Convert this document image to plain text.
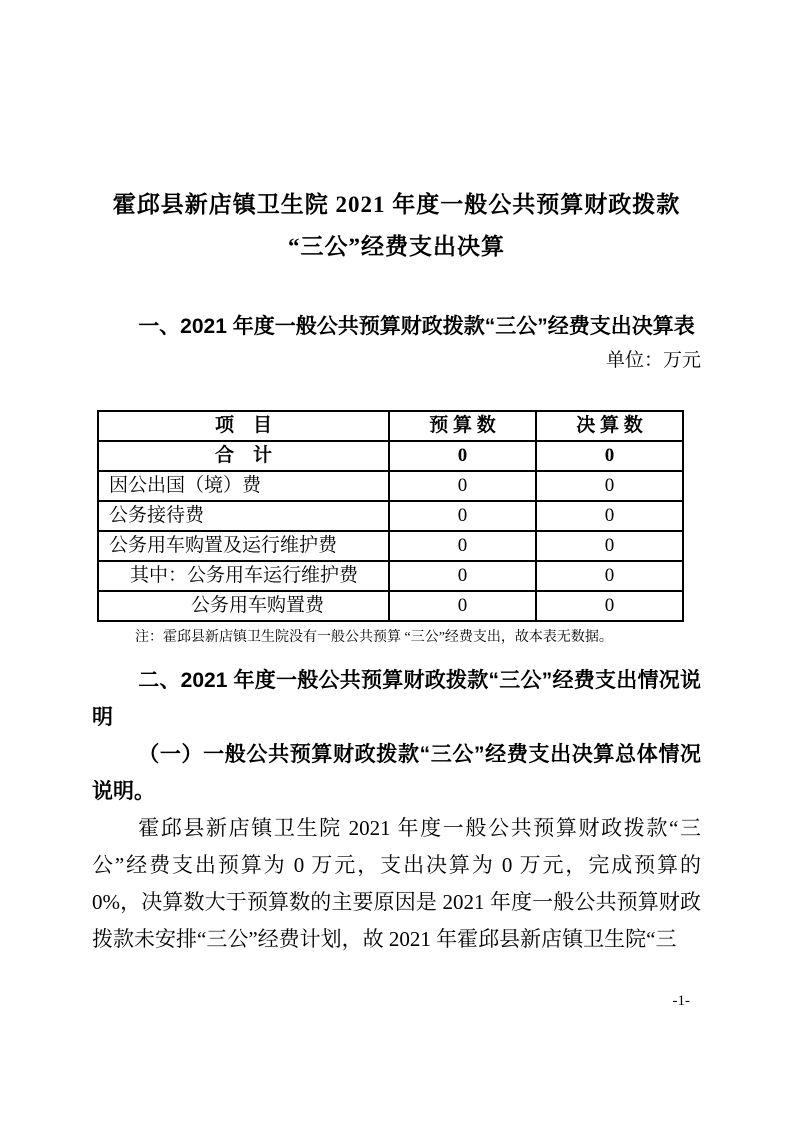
霍邱县新店镇卫生院 2021 年度一般公共预算财政拨款
“三公”经费支出决算

一、2021 年度一般公共预算财政拨款“三公”经费支出决算表

单位：万元

项　目	预 算 数	决 算 数
合　计	0	0
因公出国（境）费	0	0
公务接待费	0	0
公务用车购置及运行维护费	0	0
其中：公务用车运行维护费	0	0
公务用车购置费	0	0

注：霍邱县新店镇卫生院没有一般公共预算 “三公”经费支出，故本表无数据。

二、2021 年度一般公共预算财政拨款“三公”经费支出情况说明

（一）一般公共预算财政拨款“三公”经费支出决算总体情况说明。

霍邱县新店镇卫生院 2021 年度一般公共预算财政拨款“三公”经费支出预算为 0 万元，支出决算为 0 万元，完成预算的 0%，决算数大于预算数的主要原因是 2021 年度一般公共预算财政拨款未安排“三公”经费计划，故 2021 年霍邱县新店镇卫生院“三

-1-
